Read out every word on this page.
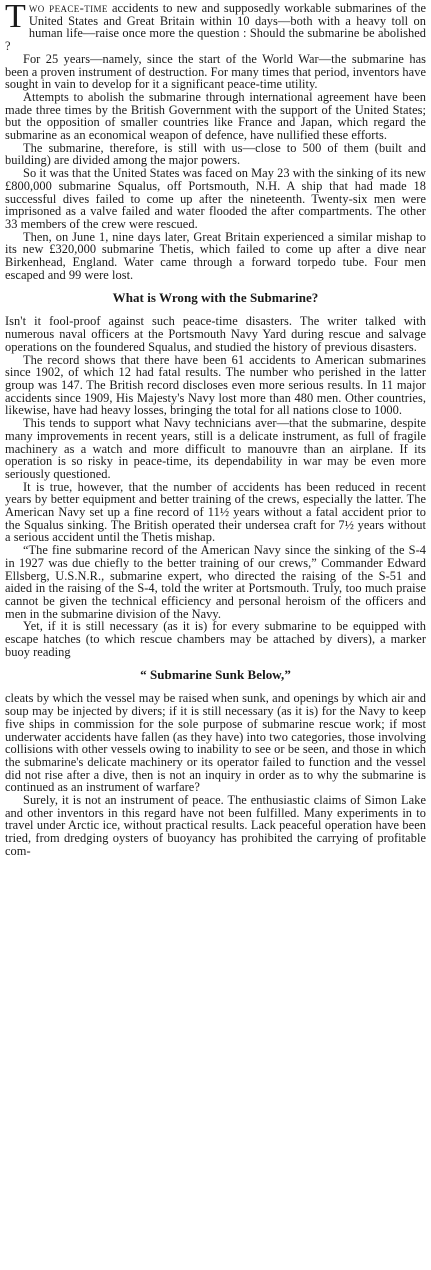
Two peace-time accidents to new and supposedly workable submarines of the United States and Great Britain within 10 days—both with a heavy toll on human life—raise once more the question : Should the submarine be abolished ?

For 25 years—namely, since the start of the World War—the submarine has been a proven instrument of destruction. For many times that period, inventors have sought in vain to develop for it a significant peace-time utility.

Attempts to abolish the submarine through international agreement have been made three times by the British Government with the support of the United States; but the opposition of smaller countries like France and Japan, which regard the submarine as an economical weapon of defence, have nullified these efforts.

The submarine, therefore, is still with us—close to 500 of them (built and building) are divided among the major powers.

So it was that the United States was faced on May 23 with the sinking of its new £800,000 submarine Squalus, off Portsmouth, N.H. A ship that had made 18 successful dives failed to come up after the nineteenth. Twenty-six men were imprisoned as a valve failed and water flooded the after compartments. The other 33 members of the crew were rescued.

Then, on June 1, nine days later, Great Britain experienced a similar mishap to its new £320,000 submarine Thetis, which failed to come up after a dive near Birkenhead, England. Water came through a forward torpedo tube. Four men escaped and 99 were lost.

What is Wrong with the Submarine?

Isn't it fool-proof against such peace-time disasters. The writer talked with numerous naval officers at the Portsmouth Navy Yard during rescue and salvage operations on the foundered Squalus, and studied the history of previous disasters.

The record shows that there have been 61 accidents to American submarines since 1902, of which 12 had fatal results. The number who perished in the latter group was 147. The British record discloses even more serious results. In 11 major accidents since 1909, His Majesty's Navy lost more than 480 men. Other countries, likewise, have had heavy losses, bringing the total for all nations close to 1000.

This tends to support what Navy technicians aver—that the submarine, despite many improvements in recent years, still is a delicate instrument, as full of fragile machinery as a watch and more difficult to manouvre than an airplane. If its operation is so risky in peace-time, its dependability in war may be even more seriously questioned.

It is true, however, that the number of accidents has been reduced in recent years by better equipment and better training of the crews, especially the latter. The American Navy set up a fine record of 11½ years without a fatal accident prior to the Squalus sinking. The British operated their undersea craft for 7½ years without a serious accident until the Thetis mishap.

“The fine submarine record of the American Navy since the sinking of the S-4 in 1927 was due chiefly to the better training of our crews,” Commander Edward Ellsberg, U.S.N.R., submarine expert, who directed the raising of the S-51 and aided in the raising of the S-4, told the writer at Portsmouth. Truly, too much praise cannot be given the technical efficiency and personal heroism of the officers and men in the submarine division of the Navy.

Yet, if it is still necessary (as it is) for every submarine to be equipped with escape hatches (to which rescue chambers may be attached by divers), a marker buoy reading

“ Submarine Sunk Below,”

cleats by which the vessel may be raised when sunk, and openings by which air and soup may be injected by divers; if it is still necessary (as it is) for the Navy to keep five ships in commission for the sole purpose of submarine rescue work; if most underwater accidents have fallen (as they have) into two categories, those involving collisions with other vessels owing to inability to see or be seen, and those in which the submarine's delicate machinery or its operator failed to function and the vessel did not rise after a dive, then is not an inquiry in order as to why the submarine is continued as an instrument of warfare?

Surely, it is not an instrument of peace. The enthusiastic claims of Simon Lake and other inventors in this regard have not been fulfilled. Many experiments in to travel under Arctic ice, without practical results. Lack peaceful operation have been tried, from dredging oysters of buoyancy has prohibited the carrying of profitable com-
